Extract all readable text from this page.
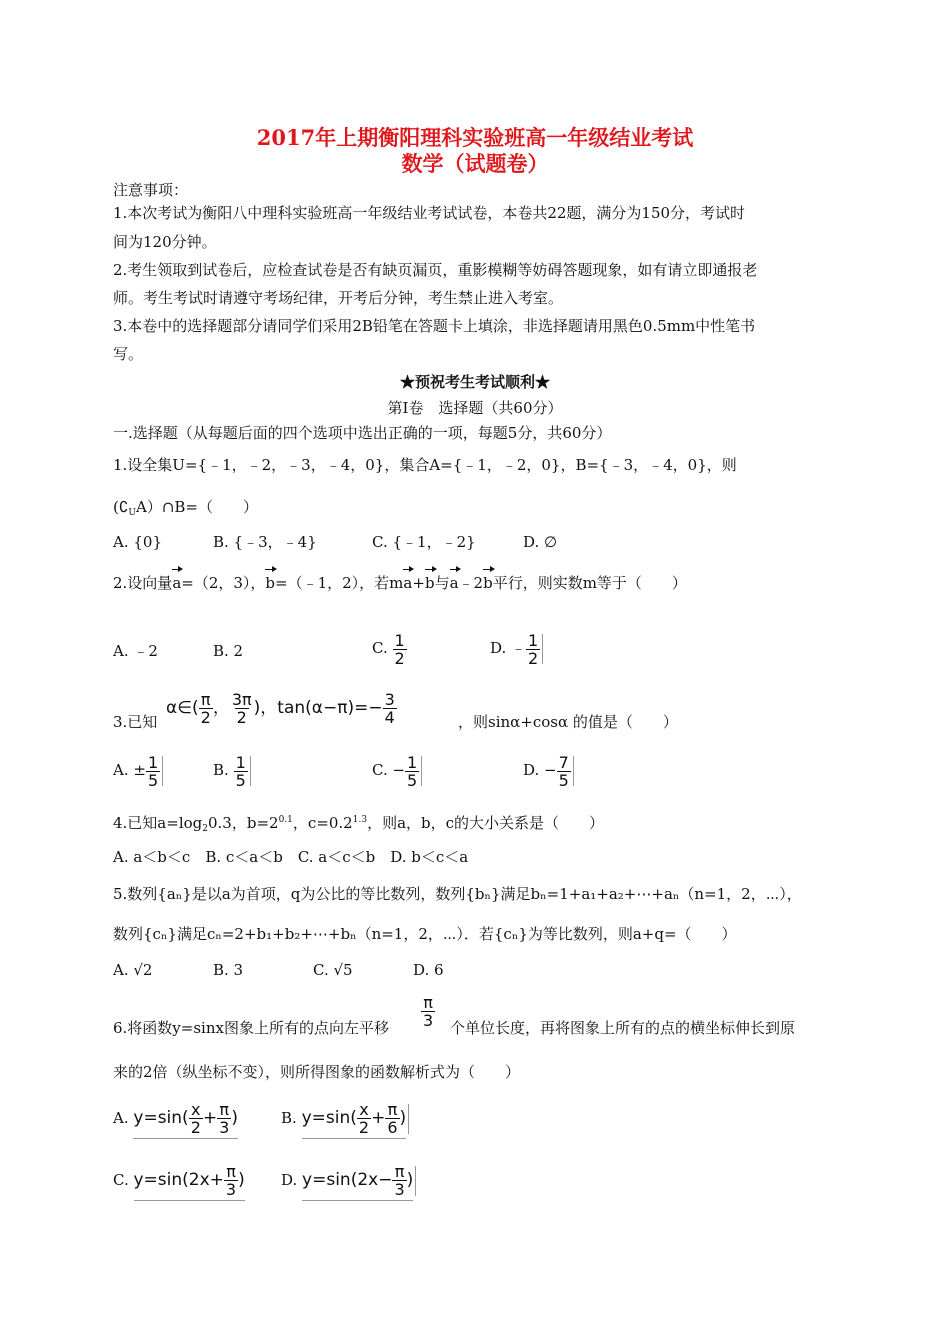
2017年上期衡阳理科实验班高一年级结业考试
数学（试题卷）
注意事项：
1.本次考试为衡阳八中理科实验班高一年级结业考试试卷，本卷共22题，满分为150分，考试时
间为120分钟。
2.考生领取到试卷后，应检查试卷是否有缺页漏页，重影模糊等妨碍答题现象，如有请立即通报老
师。考生考试时请遵守考场纪律，开考后分钟，考生禁止进入考室。
3.本卷中的选择题部分请同学们采用2B铅笔在答题卡上填涂，非选择题请用黑色0.5mm中性笔书
写。
★预祝考生考试顺利★
第Ⅰ卷　选择题（共60分）
一.选择题（从每题后面的四个选项中选出正确的一项，每题5分，共60分）
1.设全集U={﹣1，﹣2，﹣3，﹣4，0}，集合A={﹣1，﹣2，0}，B={﹣3，﹣4，0}，则
$(∁_UA)\cap B=$（　　）
A. {0}	B. {﹣3，﹣4}	C. {﹣1，﹣2}	D. ∅
2.设向量a=（2，3），b=（﹣1，2），若ma+b与a﹣2b平行，则实数m等于（　　）
A. ﹣2	B. 2	C. $\frac{1}{2}$	D. ﹣ $\frac{1}{2}$
3.已知
α∈( $\frac{\pi}{2}$ ， $\frac{3\pi}{2}$ )，$\tan(\alpha-\pi)=- \frac{3}{4}$	，则sinα+cosα 的值是（　　）
A. ± $\frac{1}{5}$	B. $\frac{1}{5}$	C. − $\frac{1}{5}$	D. − $\frac{7}{5}$
4.已知$a=\log_20.3$，$b=2^{0.1}$，$c=0.2^{1.3}$，则a，b，c的大小关系是（　　）
A. a＜b＜c　B. c＜a＜b　C. a＜c＜b　D. b＜c＜a
5.数列{aₙ}是以a为首项，q为公比的等比数列，数列{bₙ}满足bₙ=1+a₁+a₂+⋯+aₙ（n=1，2，⋯），
数列{cₙ}满足cₙ=2+b₁+b₂+⋯+bₙ（n=1，2，⋯）．若{cₙ}为等比数列，则a+q=（　　）
A. √2	B. 3	C. √5	D. 6
6.将函数y=sinx图象上所有的点向左平移 $\frac{\pi}{3}$ 个单位长度，再将图象上所有的点的横坐标伸长到原
来的2倍（纵坐标不变），则所得图象的函数解析式为（　　）
A. $y=\sin( \frac{x}{2} + \frac{\pi}{3}$ )	B. $y=\sin( \frac{x}{2} + \frac{\pi}{6}$ )
C. $y=\sin(2x+ \frac{\pi}{3}$ ) D. $y=\sin(2x- \frac{\pi}{3}$ )
